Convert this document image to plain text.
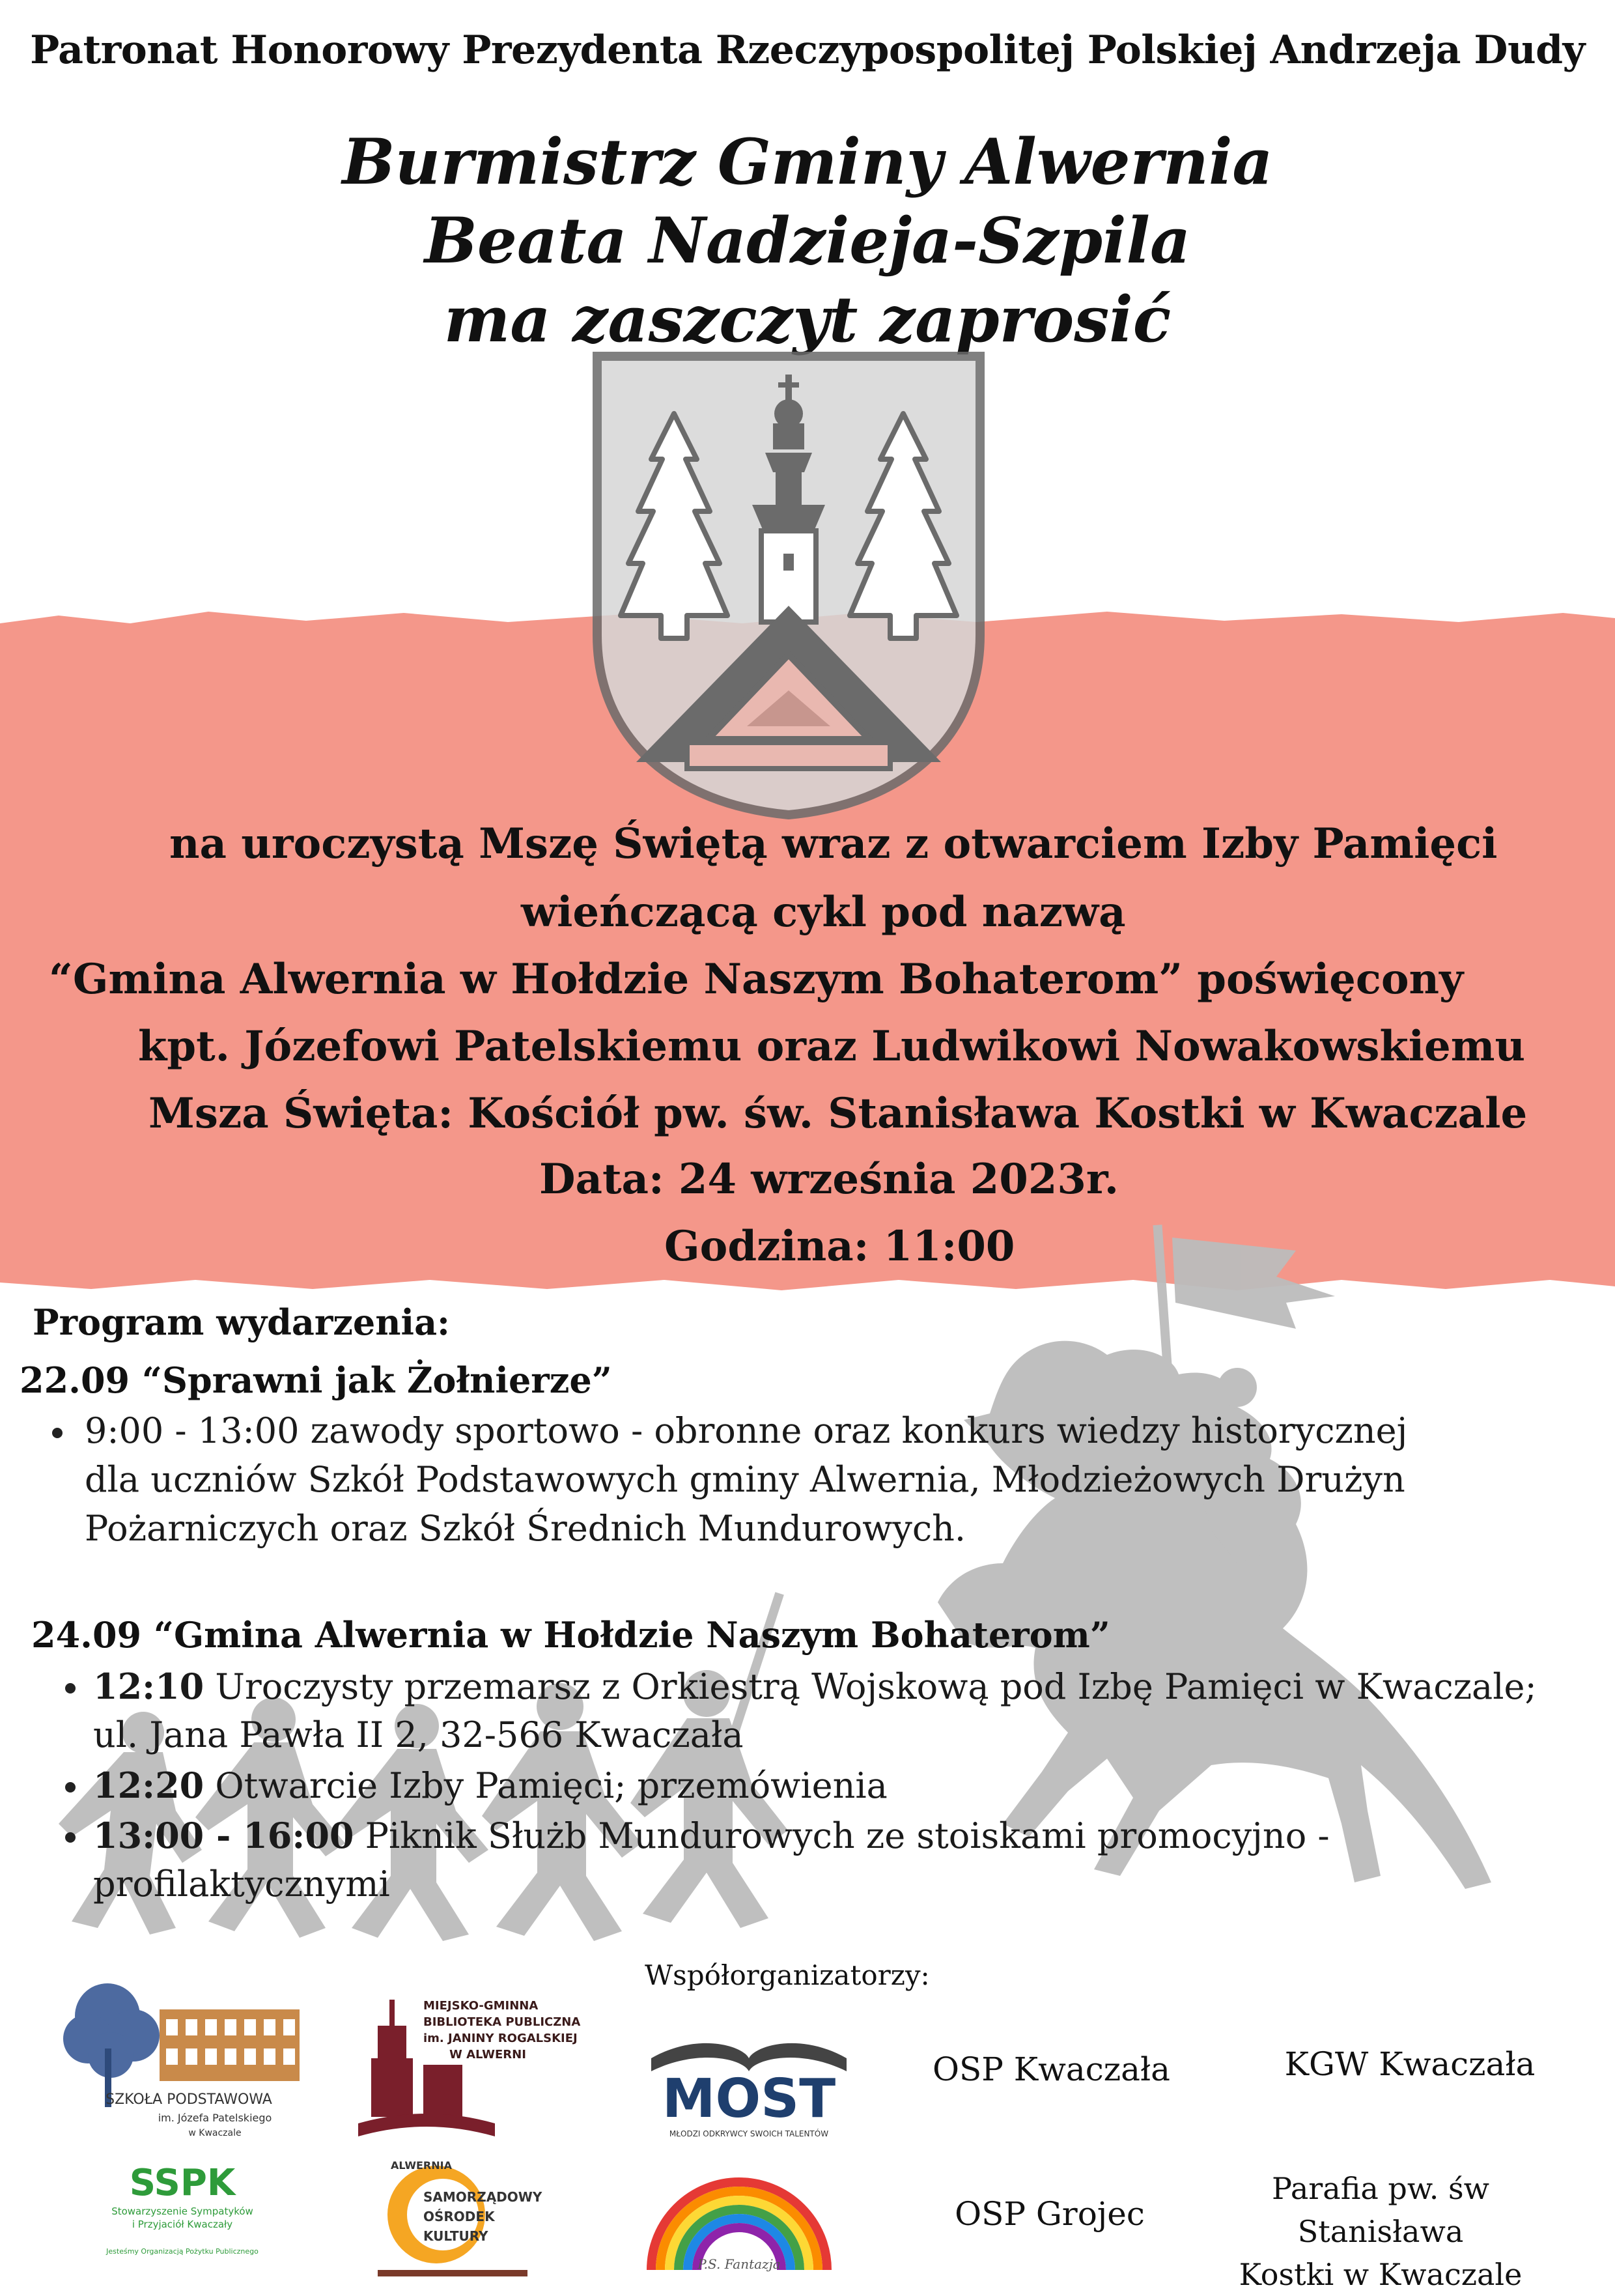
Patronat Honorowy Prezydenta Rzeczypospolitej Polskiej Andrzeja Dudy
Burmistrz Gminy Alwernia
Beata Nadzieja-Szpila
ma zaszczyt zaprosić
na uroczystą Mszę Świętą wraz z otwarciem Izby Pamięci
wieńczącą cykl pod nazwą
“Gmina Alwernia w Hołdzie Naszym Bohaterom” poświęcony
kpt. Józefowi Patelskiemu oraz Ludwikowi Nowakowskiemu
Msza Święta: Kościół pw. św. Stanisława Kostki w Kwaczale
Data: 24 września 2023r.
Godzina: 11:00
Program wydarzenia:
22.09 “Sprawni jak Żołnierze”
9:00 - 13:00 zawody sportowo - obronne oraz konkurs wiedzy historycznej
dla uczniów Szkół Podstawowych gminy Alwernia, Młodzieżowych Drużyn
Pożarniczych oraz Szkół Średnich Mundurowych.
24.09 “Gmina Alwernia w Hołdzie Naszym Bohaterom”
12:10 Uroczysty przemarsz z Orkiestrą Wojskową pod Izbę Pamięci w Kwaczale;
ul. Jana Pawła II 2, 32-566 Kwaczała
12:20 Otwarcie Izby Pamięci; przemówienia
13:00 - 16:00 Piknik Służb Mundurowych ze stoiskami promocyjno -
profilaktycznymi
Współorganizatorzy:
SZKOŁA PODSTAWOWA
im. Józefa Patelskiego
w Kwaczale
MIEJSKO-GMINNA
BIBLIOTEKA PUBLICZNA
im. JANINY ROGALSKIEJ
W ALWERNI
MOST
MŁODZI ODKRYWCY SWOICH TALENTÓW
SSPK
Stowarzyszenie Sympatyków
i Przyjaciół Kwaczały
Jesteśmy Organizacją Pożytku Publicznego
ALWERNIA
SAMORZĄDOWY
OŚRODEK
KULTURY
P.S. Fantazja
OSP Kwaczała	KGW Kwaczała
OSP Grojec
Parafia pw. św Stanisława
Kostki w Kwaczale
